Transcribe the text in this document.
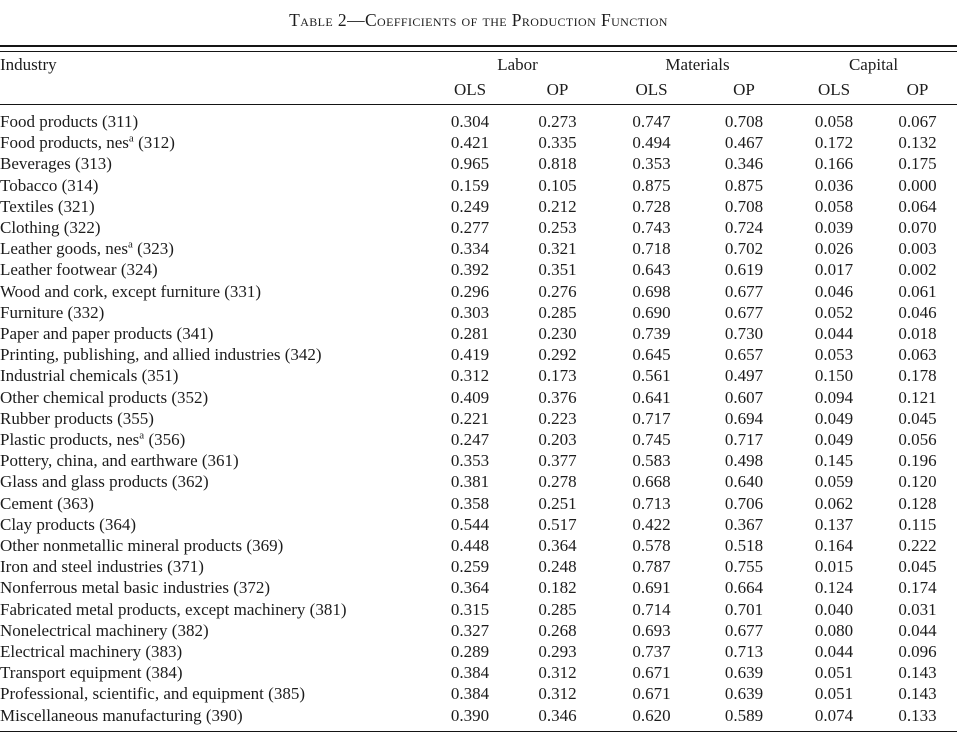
Table 2—Coefficients of the Production Function
Industry	Labor		Materials		Capital	
	OLS	OP	OLS	OP	OLS	OP
Food products (311)	0.304	0.273	0.747	0.708	0.058	0.067
Food products, nes$^a$ (312)	0.421	0.335	0.494	0.467	0.172	0.132
Beverages (313)	0.965	0.818	0.353	0.346	0.166	0.175
Tobacco (314)	0.159	0.105	0.875	0.875	0.036	0.000
Textiles (321)	0.249	0.212	0.728	0.708	0.058	0.064
Clothing (322)	0.277	0.253	0.743	0.724	0.039	0.070
Leather goods, nes$^a$ (323)	0.334	0.321	0.718	0.702	0.026	0.003
Leather footwear (324)	0.392	0.351	0.643	0.619	0.017	0.002
Wood and cork, except furniture (331)	0.296	0.276	0.698	0.677	0.046	0.061
Furniture (332)	0.303	0.285	0.690	0.677	0.052	0.046
Paper and paper products (341)	0.281	0.230	0.739	0.730	0.044	0.018
Printing, publishing, and allied industries (342)	0.419	0.292	0.645	0.657	0.053	0.063
Industrial chemicals (351)	0.312	0.173	0.561	0.497	0.150	0.178
Other chemical products (352)	0.409	0.376	0.641	0.607	0.094	0.121
Rubber products (355)	0.221	0.223	0.717	0.694	0.049	0.045
Plastic products, nes$^a$ (356)	0.247	0.203	0.745	0.717	0.049	0.056
Pottery, china, and earthware (361)	0.353	0.377	0.583	0.498	0.145	0.196
Glass and glass products (362)	0.381	0.278	0.668	0.640	0.059	0.120
Cement (363)	0.358	0.251	0.713	0.706	0.062	0.128
Clay products (364)	0.544	0.517	0.422	0.367	0.137	0.115
Other nonmetallic mineral products (369)	0.448	0.364	0.578	0.518	0.164	0.222
Iron and steel industries (371)	0.259	0.248	0.787	0.755	0.015	0.045
Nonferrous metal basic industries (372)	0.364	0.182	0.691	0.664	0.124	0.174
Fabricated metal products, except machinery (381)	0.315	0.285	0.714	0.701	0.040	0.031
Nonelectrical machinery (382)	0.327	0.268	0.693	0.677	0.080	0.044
Electrical machinery (383)	0.289	0.293	0.737	0.713	0.044	0.096
Transport equipment (384)	0.384	0.312	0.671	0.639	0.051	0.143
Professional, scientific, and equipment (385)	0.384	0.312	0.671	0.639	0.051	0.143
Miscellaneous manufacturing (390)	0.390	0.346	0.620	0.589	0.074	0.133
